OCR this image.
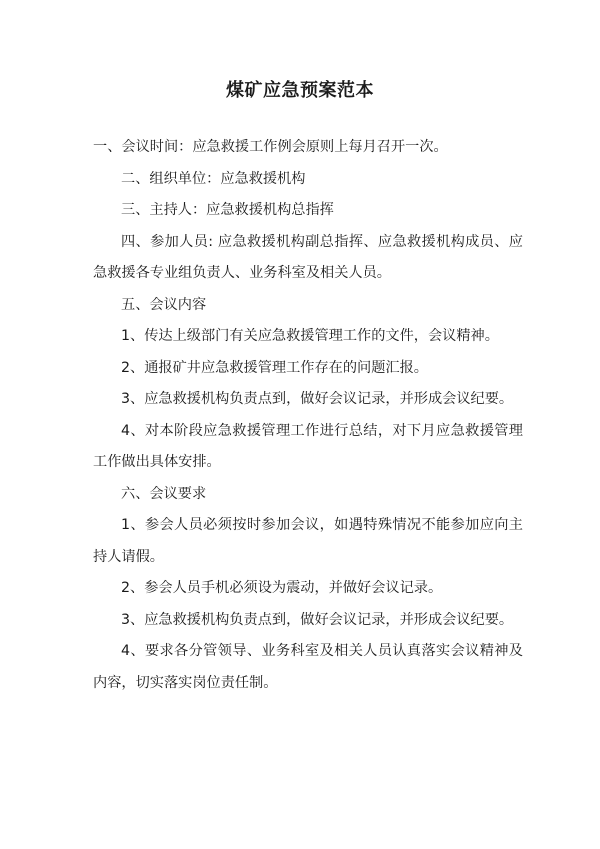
煤矿应急预案范本

一、会议时间：应急救援工作例会原则上每月召开一次。

二、组织单位：应急救援机构

三、主持人：应急救援机构总指挥

四、参加人员: 应急救援机构副总指挥、应急救援机构成员、应急救援各专业组负责人、业务科室及相关人员。

五、会议内容

1、传达上级部门有关应急救援管理工作的文件，会议精神。

2、通报矿井应急救援管理工作存在的问题汇报。

3、应急救援机构负责点到，做好会议记录，并形成会议纪要。

4、对本阶段应急救援管理工作进行总结，对下月应急救援管理工作做出具体安排。

六、会议要求

1、参会人员必须按时参加会议，如遇特殊情况不能参加应向主持人请假。

2、参会人员手机必须设为震动，并做好会议记录。

3、应急救援机构负责点到，做好会议记录，并形成会议纪要。

4、要求各分管领导、业务科室及相关人员认真落实会议精神及内容，切实落实岗位责任制。
